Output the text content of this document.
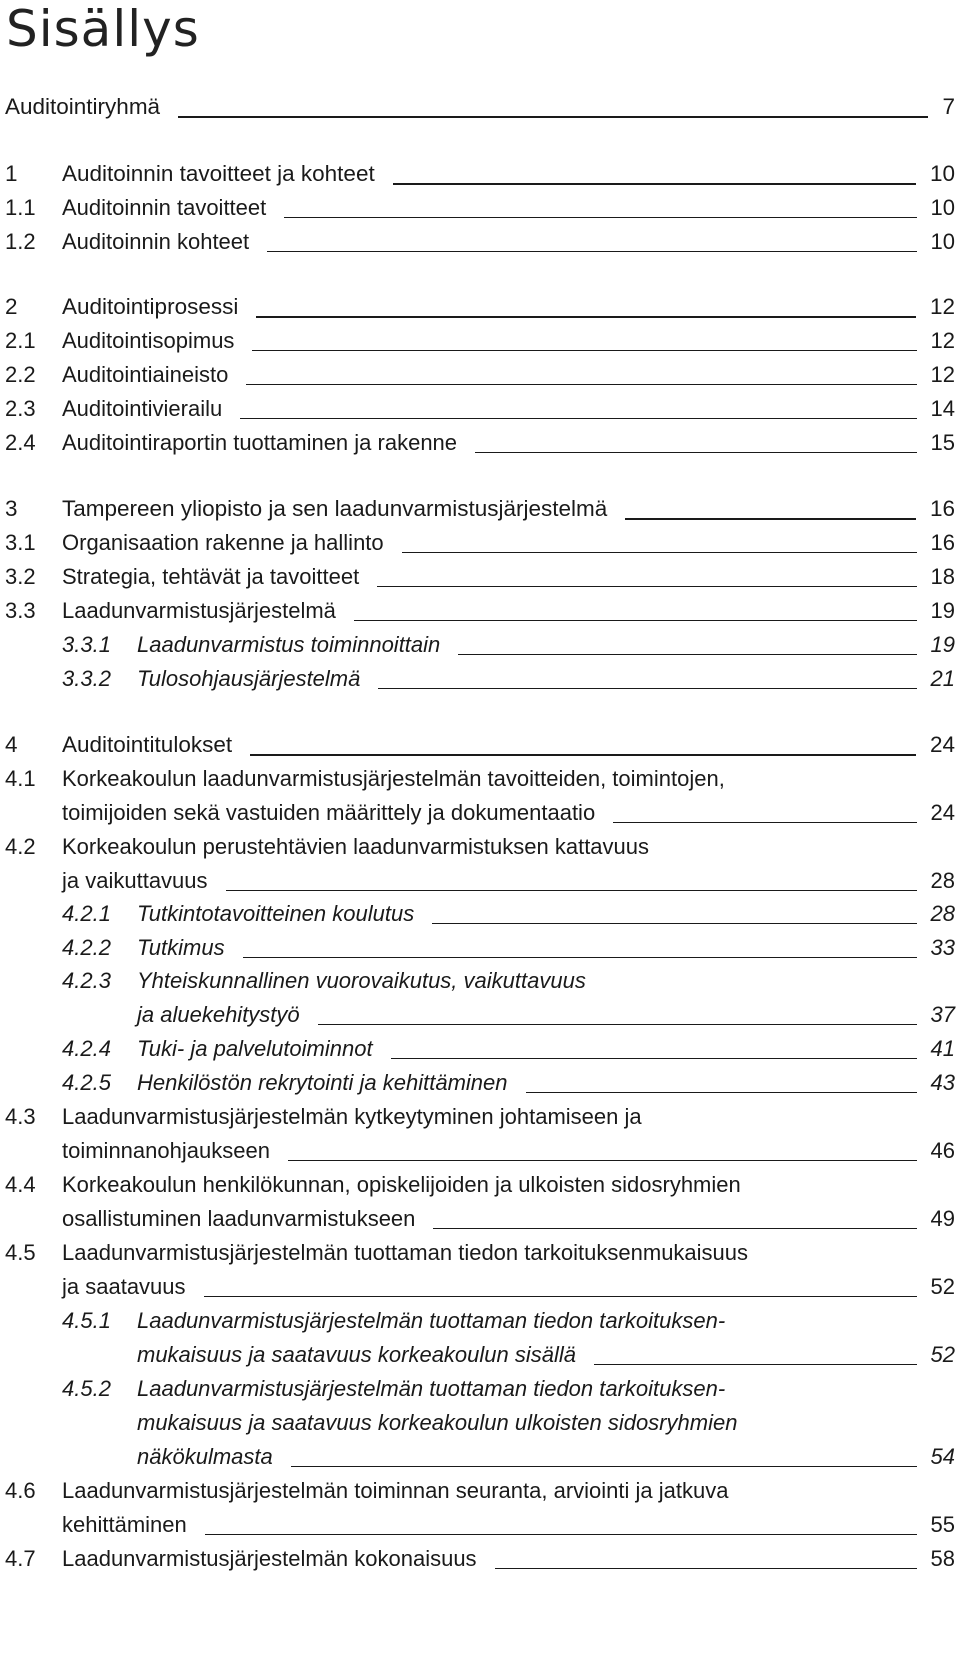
Sisällys
Auditointiryhmä	7
1 Auditoinnin tavoitteet ja kohteet	10
1.1 Auditoinnin tavoitteet	10
1.2 Auditoinnin kohteet	10
2 Auditointiprosessi	12
2.1 Auditointisopimus	12
2.2 Auditointiaineisto	12
2.3 Auditointivierailu	14
2.4 Auditointiraportin tuottaminen ja rakenne	15
3 Tampereen yliopisto ja sen laadunvarmistusjärjestelmä	16
3.1 Organisaation rakenne ja hallinto	16
3.2 Strategia, tehtävät ja tavoitteet	18
3.3 Laadunvarmistusjärjestelmä	19
3.3.1 Laadunvarmistus toiminnoittain	19
3.3.2 Tulosohjausjärjestelmä	21
4 Auditointitulokset	24
4.1 Korkeakoulun laadunvarmistusjärjestelmän tavoitteiden, toimintojen,
toimijoiden sekä vastuiden määrittely ja dokumentaatio	24
4.2 Korkeakoulun perustehtävien laadunvarmistuksen kattavuus
ja vaikuttavuus	28
4.2.1 Tutkintotavoitteinen koulutus	28
4.2.2 Tutkimus	33
4.2.3 Yhteiskunnallinen vuorovaikutus, vaikuttavuus
ja aluekehitystyö	37
4.2.4 Tuki- ja palvelutoiminnot	41
4.2.5 Henkilöstön rekrytointi ja kehittäminen	43
4.3 Laadunvarmistusjärjestelmän kytkeytyminen johtamiseen ja
toiminnanohjaukseen	46
4.4 Korkeakoulun henkilökunnan, opiskelijoiden ja ulkoisten sidosryhmien
osallistuminen laadunvarmistukseen	49
4.5 Laadunvarmistusjärjestelmän tuottaman tiedon tarkoituksenmukaisuus
ja saatavuus	52
4.5.1 Laadunvarmistusjärjestelmän tuottaman tiedon tarkoituksen-
mukaisuus ja saatavuus korkeakoulun sisällä	52
4.5.2 Laadunvarmistusjärjestelmän tuottaman tiedon tarkoituksen-
mukaisuus ja saatavuus korkeakoulun ulkoisten sidosryhmien
näkökulmasta	54
4.6 Laadunvarmistusjärjestelmän toiminnan seuranta, arviointi ja jatkuva
kehittäminen	55
4.7 Laadunvarmistusjärjestelmän kokonaisuus	58
